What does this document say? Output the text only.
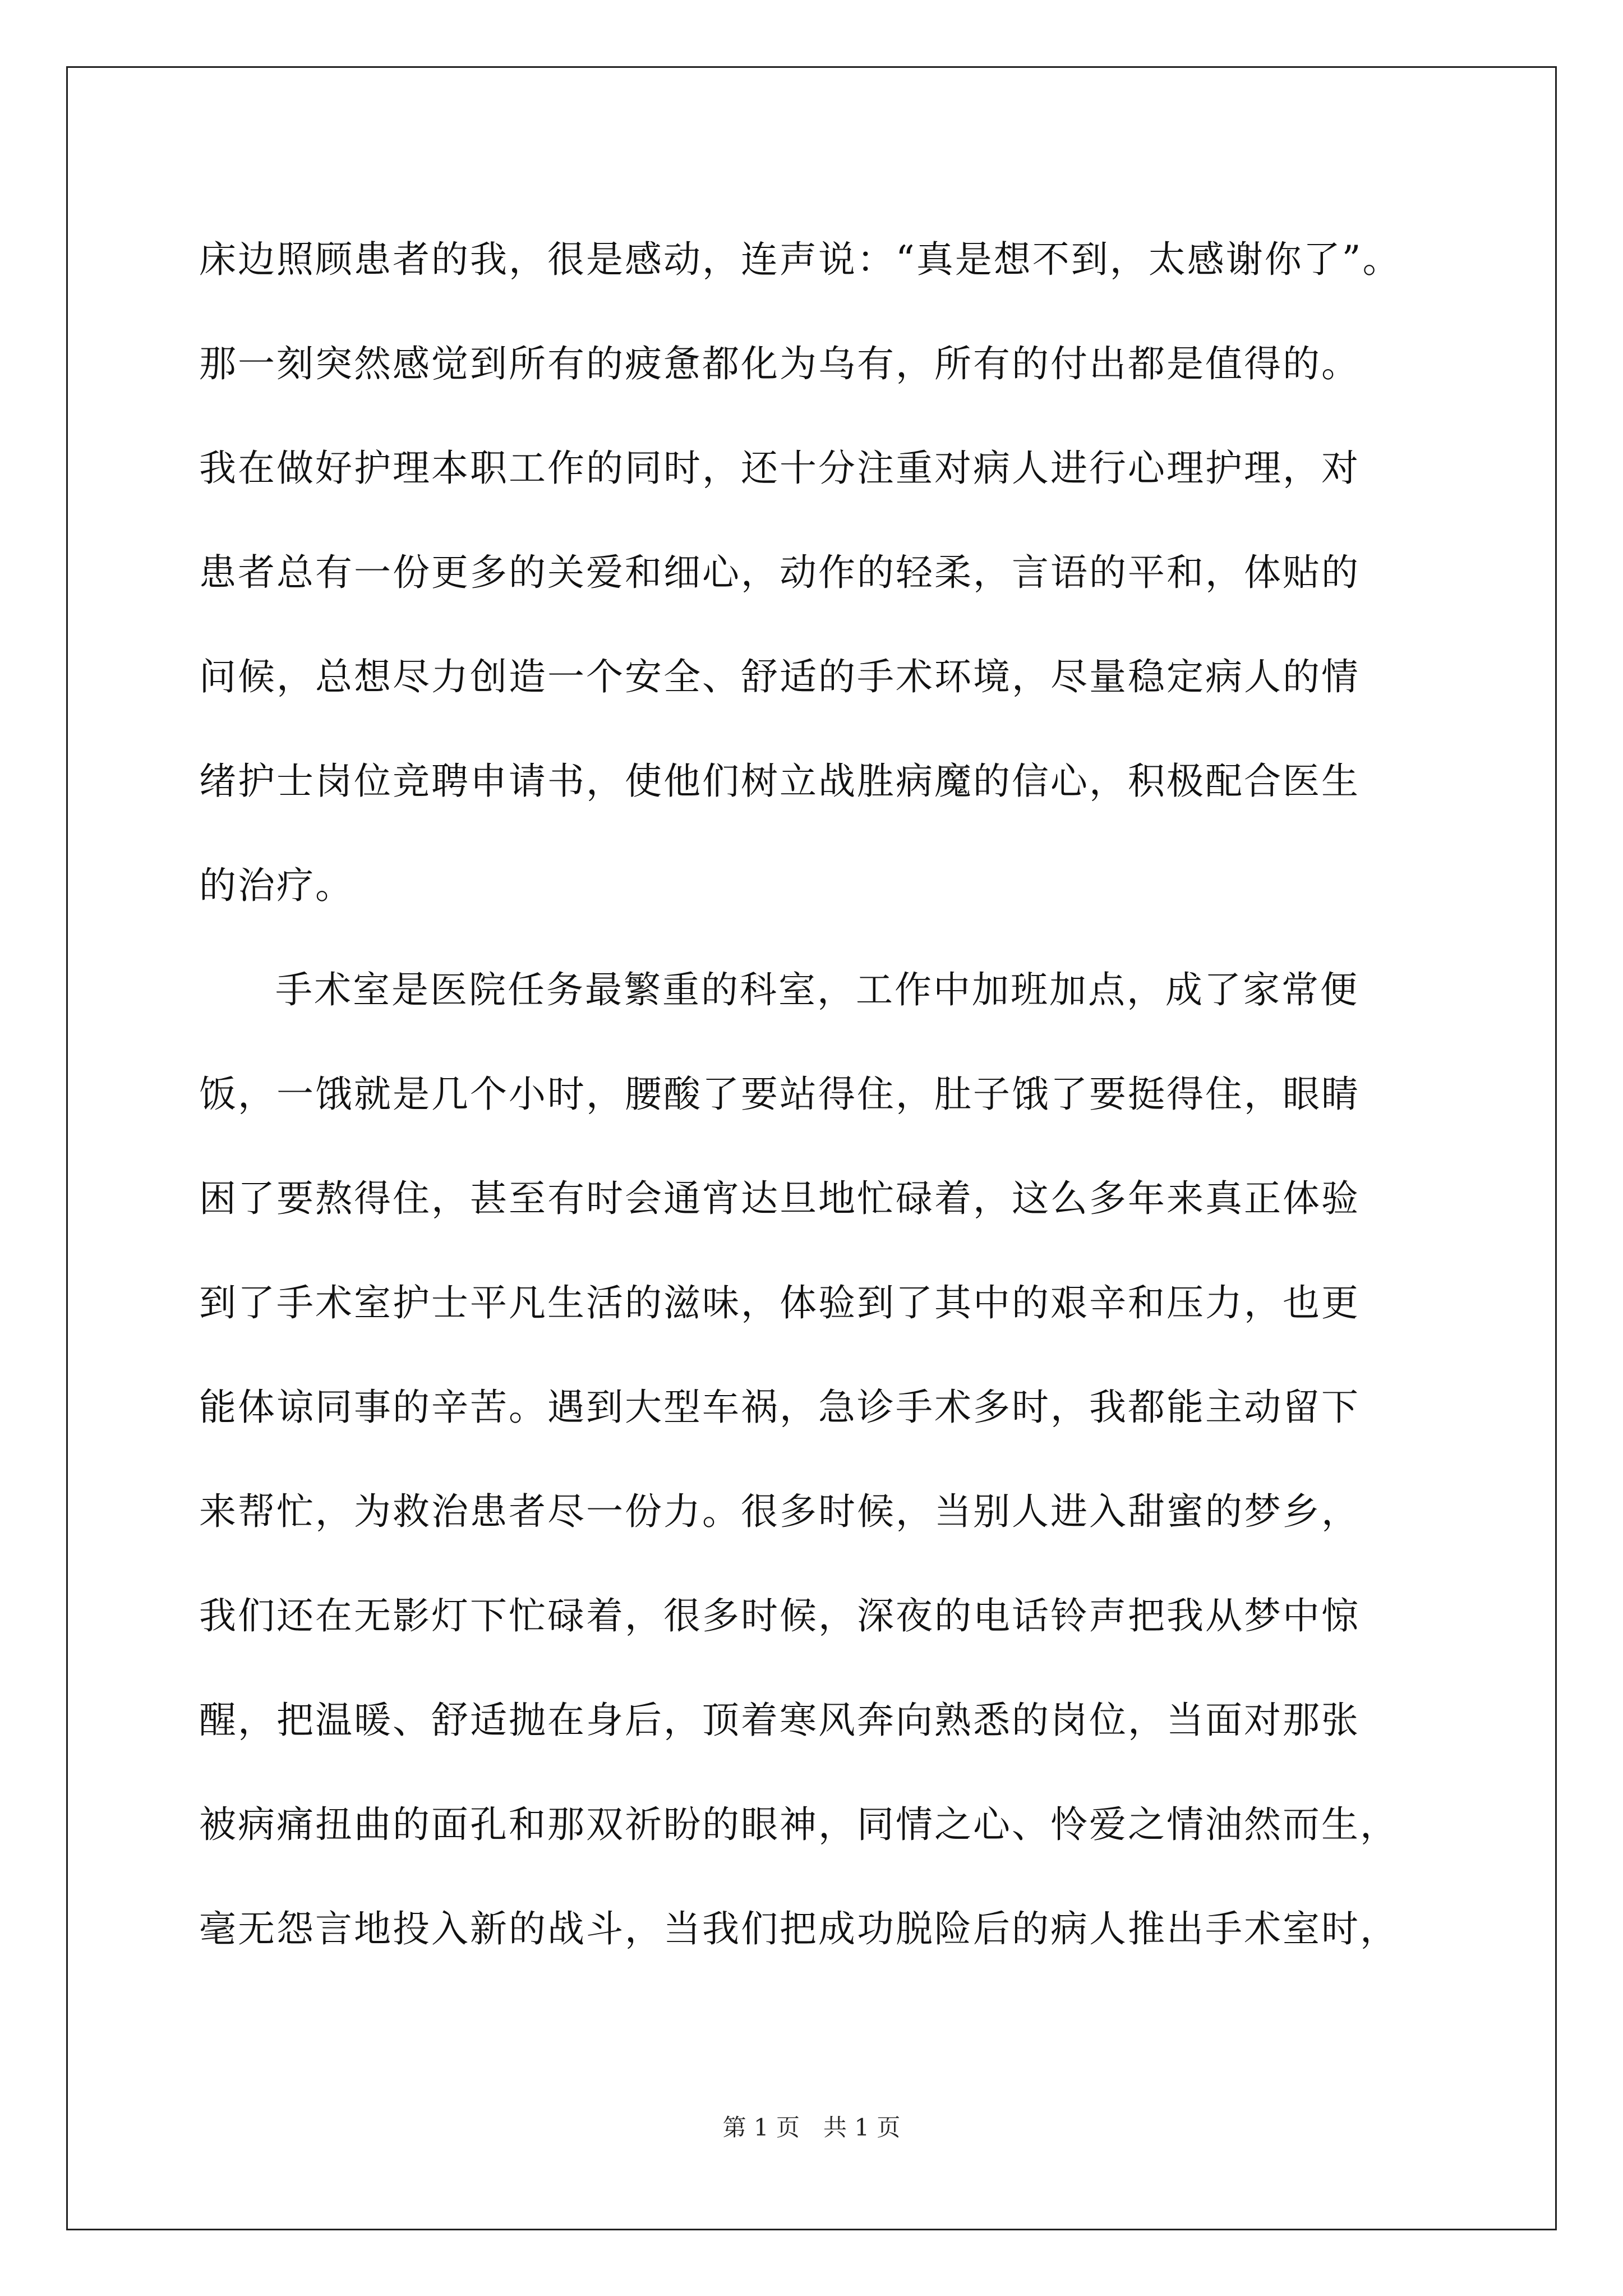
床边照顾患者的我，很是感动，连声说：“真是想不到，太感谢你了”。
那一刻突然感觉到所有的疲惫都化为乌有，所有的付出都是值得的。
我在做好护理本职工作的同时，还十分注重对病人进行心理护理，对
患者总有一份更多的关爱和细心，动作的轻柔，言语的平和，体贴的
问候，总想尽力创造一个安全、舒适的手术环境，尽量稳定病人的情
绪护士岗位竞聘申请书，使他们树立战胜病魔的信心，积极配合医生
的治疗。
手术室是医院任务最繁重的科室，工作中加班加点，成了家常便
饭，一饿就是几个小时，腰酸了要站得住，肚子饿了要挺得住，眼睛
困了要熬得住，甚至有时会通宵达旦地忙碌着，这么多年来真正体验
到了手术室护士平凡生活的滋味，体验到了其中的艰辛和压力，也更
能体谅同事的辛苦。遇到大型车祸，急诊手术多时，我都能主动留下
来帮忙，为救治患者尽一份力。很多时候，当别人进入甜蜜的梦乡，
我们还在无影灯下忙碌着，很多时候，深夜的电话铃声把我从梦中惊
醒，把温暖、舒适抛在身后，顶着寒风奔向熟悉的岗位，当面对那张
被病痛扭曲的面孔和那双祈盼的眼神，同情之心、怜爱之情油然而生，
毫无怨言地投入新的战斗，当我们把成功脱险后的病人推出手术室时，
第 1 页　共 1 页
